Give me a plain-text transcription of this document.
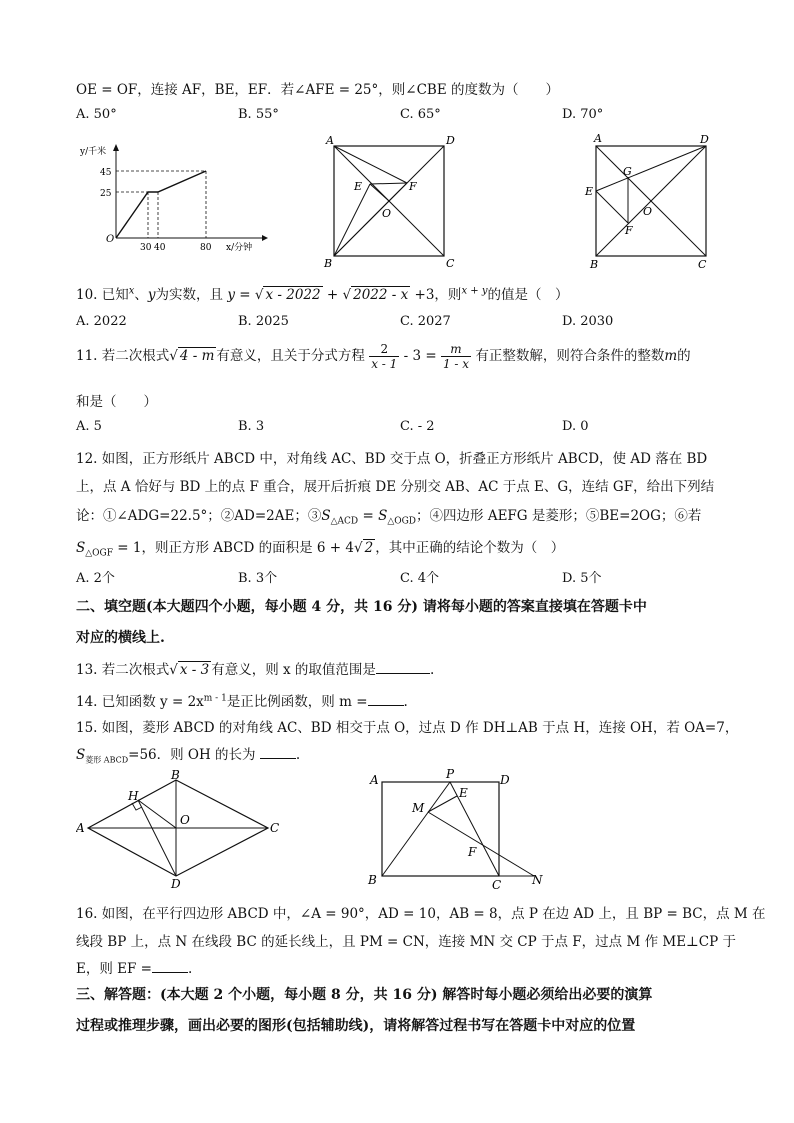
OE = OF，连接 AF，BE，EF．若∠AFE = 25°，则∠CBE 的度数为（　　）
A. 50°	B. 55°	C. 65°	D. 70°
y/千米
x/分钟
O
45
25
30 40	80
A	D
E	F
O
B	C
A	D
G
E
O
F
B	C
10. 已知$^x$、y为实数，且 y = √ x - 2022 + √ 2022 - x +3，则$^{x + y}$的值是（　）
A. 2022	B. 2025	C. 2027	D. 2030
11. 若二次根式√ 4 - m 有意义，且关于分式方程 $\frac{2}{x - 1} - 3 = \frac{m}{1 - x}$ 有正整数解，则符合条件的整数m的
和是（　　）
A. 5	B. 3	C. - 2	D. 0
12. 如图，正方形纸片 ABCD 中，对角线 AC、BD 交于点 O，折叠正方形纸片 ABCD，使 AD 落在 BD
上，点 A 恰好与 BD 上的点 F 重合，展开后折痕 DE 分别交 AB、AC 于点 E、G，连结 GF，给出下列结
论：①∠ADG=22.5°；②AD=2AE；$③S_{\triangle ACD} = S_{\triangle OGD}$；④四边形 AEFG 是菱形；⑤BE=2OG；⑥若
$S_{\triangle OGF} = 1$，则正方形 ABCD 的面积是 6 + 4√ 2 ，其中正确的结论个数为（　）
A. 2个	B. 3个	C. 4个	D. 5个
二、填空题(本大题四个小题，每小题 4 分，共 16 分) 请将每小题的答案直接填在答题卡中
对应的横线上.
13. 若二次根式√ x - 3 有意义，则 x 的取值范围是	.
14. 已知函数 $y = 2x^{m - 1}$是正比例函数，则 m =	.
15. 如图，菱形 ABCD 的对角线 AC、BD 相交于点 O，过点 D 作 DH⊥AB 于点 H，连接 OH，若 OA=7，
$S_{菱形 ABCD}=56$．则 OH 的长为	.
B
H
A
O
C
D
A	P	D
E
M
F
B	C	N
16. 如图，在平行四边形 ABCD 中，∠A = 90°，AD = 10，AB = 8，点 P 在边 AD 上，且 BP = BC，点 M 在
线段 BP 上，点 N 在线段 BC 的延长线上，且 PM = CN，连接 MN 交 CP 于点 F，过点 M 作 ME⊥CP 于
E，则 EF =	.
三、解答题：(本大题 2 个小题，每小题 8 分，共 16 分) 解答时每小题必须给出必要的演算
过程或推理步骤，画出必要的图形(包括辅助线)，请将解答过程书写在答题卡中对应的位置
